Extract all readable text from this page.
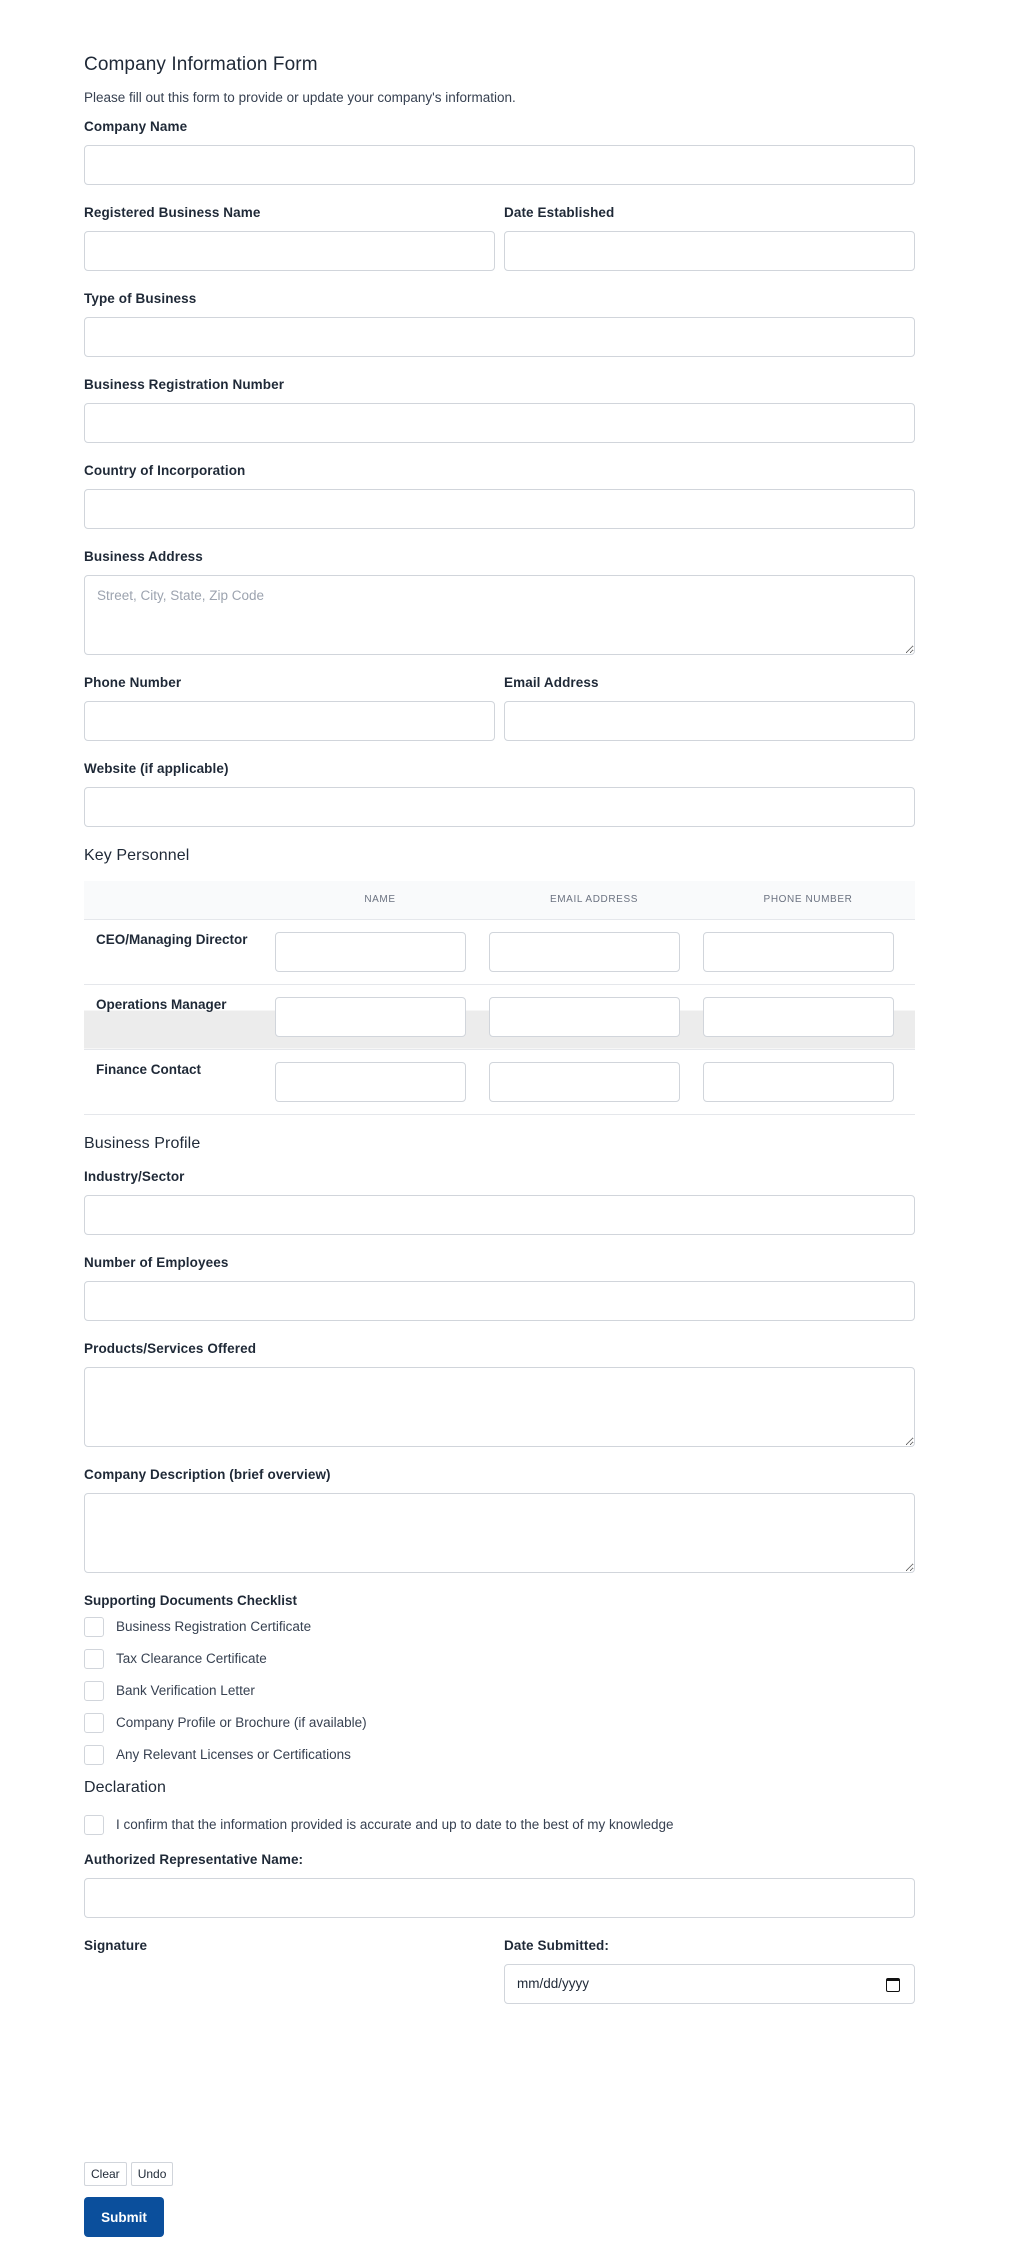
Company Information Form

Please fill out this form to provide or update your company's information.

Company Name
Registered Business Name	Date Established
Type of Business
Business Registration Number
Country of Incorporation
Business Address
Street, City, State, Zip Code
Phone Number	Email Address
Website (if applicable)
Key Personnel
	NAME	EMAIL ADDRESS	PHONE NUMBER
CEO/Managing Director	

Operations Manager	

Finance Contact	

Business Profile
Industry/Sector
Number of Employees
Products/Services Offered
Company Description (brief overview)
Supporting Documents Checklist
Business Registration Certificate
Tax Clearance Certificate
Bank Verification Letter
Company Profile or Brochure (if available)
Any Relevant Licenses or Certifications
Declaration
I confirm that the information provided is accurate and up to date to the best of my knowledge
Authorized Representative Name:
Signature	Date Submitted:
mm/dd/yyyy
Clear	Undo
Submit
